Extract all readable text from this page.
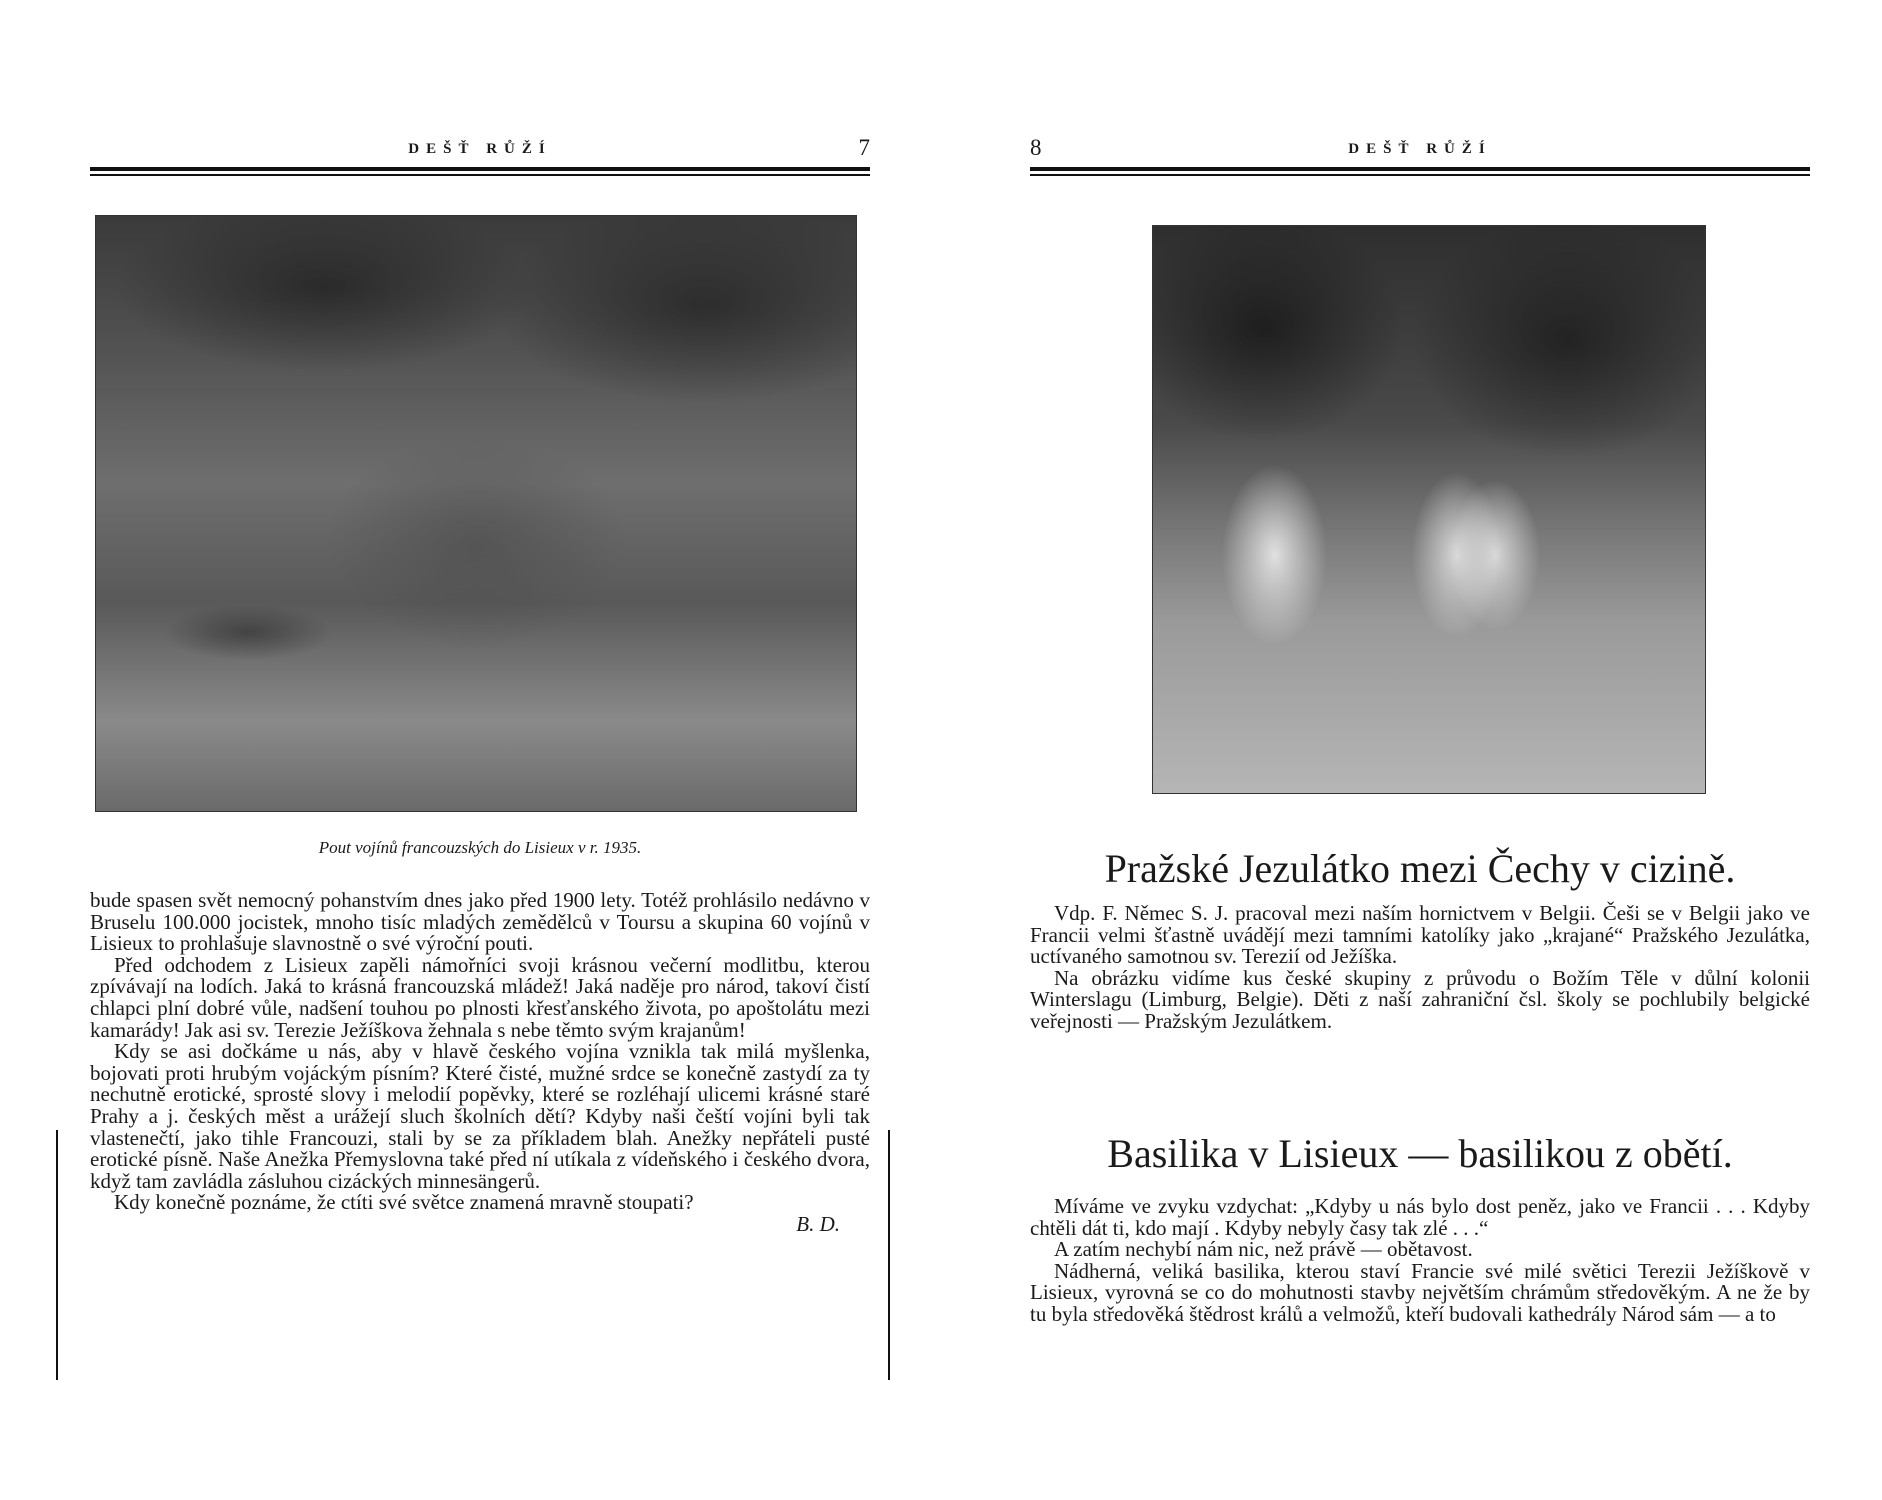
DEŠŤ RŮŽÍ	7
Pout vojínů francouzských do Lisieux v r. 1935.

bude spasen svět nemocný pohanstvím dnes jako před 1900 lety. Totéž prohlásilo nedávno v Bruselu 100.000 jocistek, mnoho tisíc mladých zemědělců v Toursu a skupina 60 vojínů v Lisieux to prohlašuje slavnostně o své výroční pouti.

Před odchodem z Lisieux zapěli námořníci svoji krásnou večerní modlitbu, kterou zpívávají na lodích. Jaká to krásná francouzská mládež! Jaká naděje pro národ, takoví čistí chlapci plní dobré vůle, nadšení touhou po plnosti křesťanského života, po apoštolátu mezi kamarády! Jak asi sv. Terezie Ježíškova žehnala s nebe těmto svým krajanům!

Kdy se asi dočkáme u nás, aby v hlavě českého vojína vznikla tak milá myšlenka, bojovati proti hrubým vojáckým písním? Které čisté, mužné srdce se konečně zastydí za ty nechutně erotické, sprosté slovy i melodií popěvky, které se rozléhají ulicemi krásné staré Prahy a j. českých měst a urážejí sluch školních dětí? Kdyby naši čeští vojíni byli tak vlastenečtí, jako tihle Francouzi, stali by se za příkladem blah. Anežky nepřáteli pusté erotické písně. Naše Anežka Přemyslovna také před ní utíkala z vídeňského i českého dvora, když tam zavládla zásluhou cizáckých minnesängerů.

Kdy konečně poznáme, že ctíti své světce znamená mravně stoupati?

B. D.

8	DEŠŤ RŮŽÍ
Pražské Jezulátko mezi Čechy v cizině.

Vdp. F. Němec S. J. pracoval mezi naším hornictvem v Belgii. Češi se v Belgii jako ve Francii velmi šťastně uvádějí mezi tamními katolíky jako „krajané“ Pražského Jezulátka, uctívaného samotnou sv. Terezií od Ježíška.

Na obrázku vidíme kus české skupiny z průvodu o Božím Těle v důlní kolonii Winterslagu (Limburg, Belgie). Děti z naší zahraniční čsl. školy se pochlubily belgické veřejnosti — Pražským Jezulátkem.

Basilika v Lisieux — basilikou z obětí.

Míváme ve zvyku vzdychat: „Kdyby u nás bylo dost peněz, jako ve Francii . . . Kdyby chtěli dát ti, kdo mají . Kdyby nebyly časy tak zlé . . .“

A zatím nechybí nám nic, než právě — obětavost.

Nádherná, veliká basilika, kterou staví Francie své milé světici Terezii Ježíškově v Lisieux, vyrovná se co do mohutnosti stavby největším chrámům středověkým. A ne že by tu byla středověká štědrost králů a velmožů, kteří budovali kathedrály Národ sám — a to
